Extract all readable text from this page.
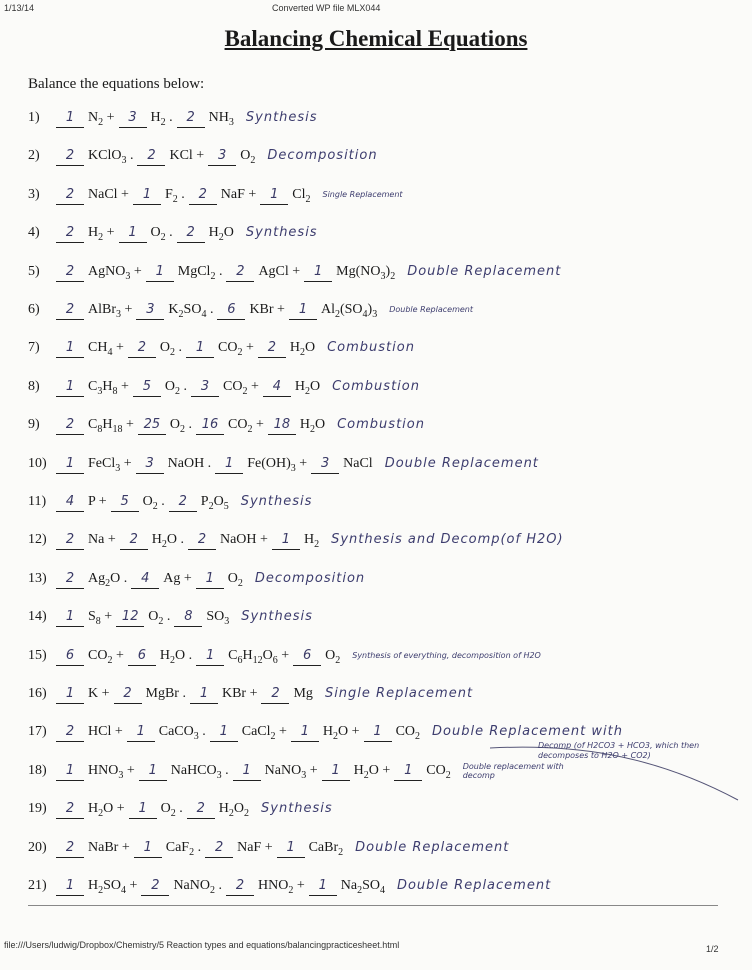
1/13/14	Converted WP file MLX044
Balancing Chemical Equations
Balance the equations below:
1) 1 $N_2 + 3$ $H_2$ . 2 $NH_3$ Synthesis
2) 2 KClO$_3$ . 2 KCl + 3 $O_2$ Decomposition
3) 2 NaCl + 1 $F_2$ . 2 NaF + 1 $Cl_2$ Single Replacement
4) 2 $H_2 + 1$ $O_2$ . 2 $H_2O$ Synthesis
5) 2 AgNO$_3$ + 1 MgCl$_2$ . 2 AgCl + 1 $Mg(NO_3)_2$ Double Replacement
6) 2 AlBr$_3$ + 3 $K_2SO_4$ . 6 KBr + 1 $Al_2(SO_4)_3$ Double Replacement
7) 1 $CH_4 + 2$ $O_2$ . 1 $CO_2 + 2$ $H_2O$ Combustion
8) 1 $C_3H_8 + 5$ $O_2$ . 3 $CO_2 + 4$ $H_2O$ Combustion
9) 2 $C_8H_{18} + 25$ $O_2$ . 16 $CO_2 + 18$ $H_2O$ Combustion
10) 1 FeCl$_3$ + 3 NaOH . 1 $Fe(OH)_3 + 3$ NaCl Double Replacement
11) 4 P + 5 $O_2$ . 2 $P_2O_5$ Synthesis
12) 2 Na + 2 $H_2O$ . 2 NaOH + 1 $H_2$ Synthesis and Decomp(of H2O)
13) 2 $Ag_2O$ . 4 Ag + 1 $O_2$ Decomposition
14) 1 $S_8 + 12$ $O_2$ . 8 $SO_3$ Synthesis
15) 6 $CO_2 + 6$ $H_2O$ . 1 $C_6H_{12}O_6 + 6$ $O_2$ Synthesis of everything, decomposition of H2O
16) 1 K + 2 MgBr . 1 KBr + 2 Mg Single Replacement
17) 2 HCl + 1 CaCO$_3$ . 1 CaCl$_2$ + 1 $H_2O + 1$ $CO_2$ Double Replacement with
18) 1 $HNO_3 + 1$ NaHCO$_3$ . 1 NaNO$_3$ + 1 $H_2O + 1$ $CO_2Double$ replacement with decomp
19) 2 $H_2O + 1$ $O_2$ . 2 $H_2O_2$ Synthesis
20) 2 NaBr + 1 CaF$_2$ . 2 NaF + 1 CaBr$_2$ Double Replacement
21) 1 $H_2SO_4 + 2$ NaNO$_2$ . 2 $HNO_2 + 1$ $Na_2SO_4$ Double Replacement
Decomp (of H2CO3 + HCO3, which then decomposes to H2O + CO2)
file:///Users/ludwig/Dropbox/Chemistry/5 Reaction types and equations/balancingpracticesheet.html	1/2
